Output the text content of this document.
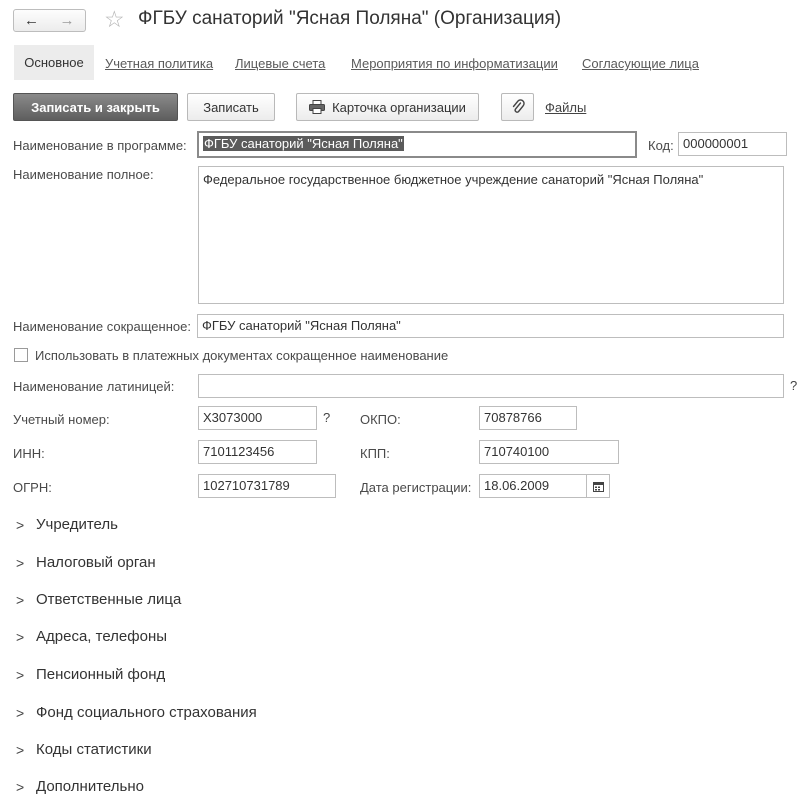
← → ☆ ФГБУ санаторий "Ясная Поляна" (Организация)
Основное	Учетная политика Лицевые счета Мероприятия по информатизации Согласующие лица
Записать и закрыть	Записать	Карточка организации	Файлы
Наименование в программе:	ФГБУ санаторий "Ясная Поляна"	Код: 000000001
Наименование полное:	Федеральное государственное бюджетное учреждение санаторий "Ясная Поляна"
Наименование сокращенное: ФГБУ санаторий "Ясная Поляна"
Использовать в платежных документах сокращенное наименование
Наименование латиницей:	?
Учетный номер:	Х3073000	? ОКПО:	70878766
ИНН:	7101123456	КПП:	710740100
ОГРН:	102710731789	Дата регистрации: 18.06.2009
> Учредитель
> Налоговый орган
> Ответственные лица
> Адреса, телефоны
> Пенсионный фонд
> Фонд социального страхования
> Коды статистики
> Дополнительно
